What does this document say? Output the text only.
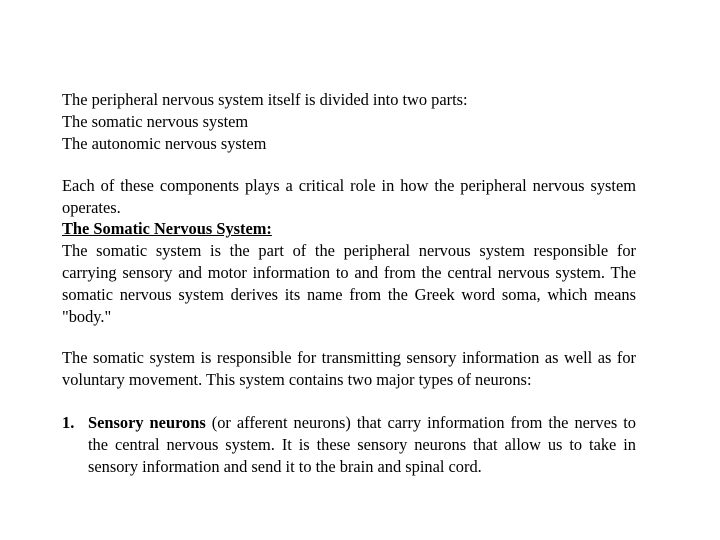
The peripheral nervous system itself is divided into two parts:
The somatic nervous system
The autonomic nervous system
Each of these components plays a critical role in how the peripheral nervous system operates.
The Somatic Nervous System:
The somatic system is the part of the peripheral nervous system responsible for carrying sensory and motor information to and from the central nervous system. The somatic nervous system derives its name from the Greek word soma, which means "body."
The somatic system is responsible for transmitting sensory information as well as for voluntary movement. This system contains two major types of neurons:
1. Sensory neurons (or afferent neurons) that carry information from the nerves to the central nervous system. It is these sensory neurons that allow us to take in sensory information and send it to the brain and spinal cord.
